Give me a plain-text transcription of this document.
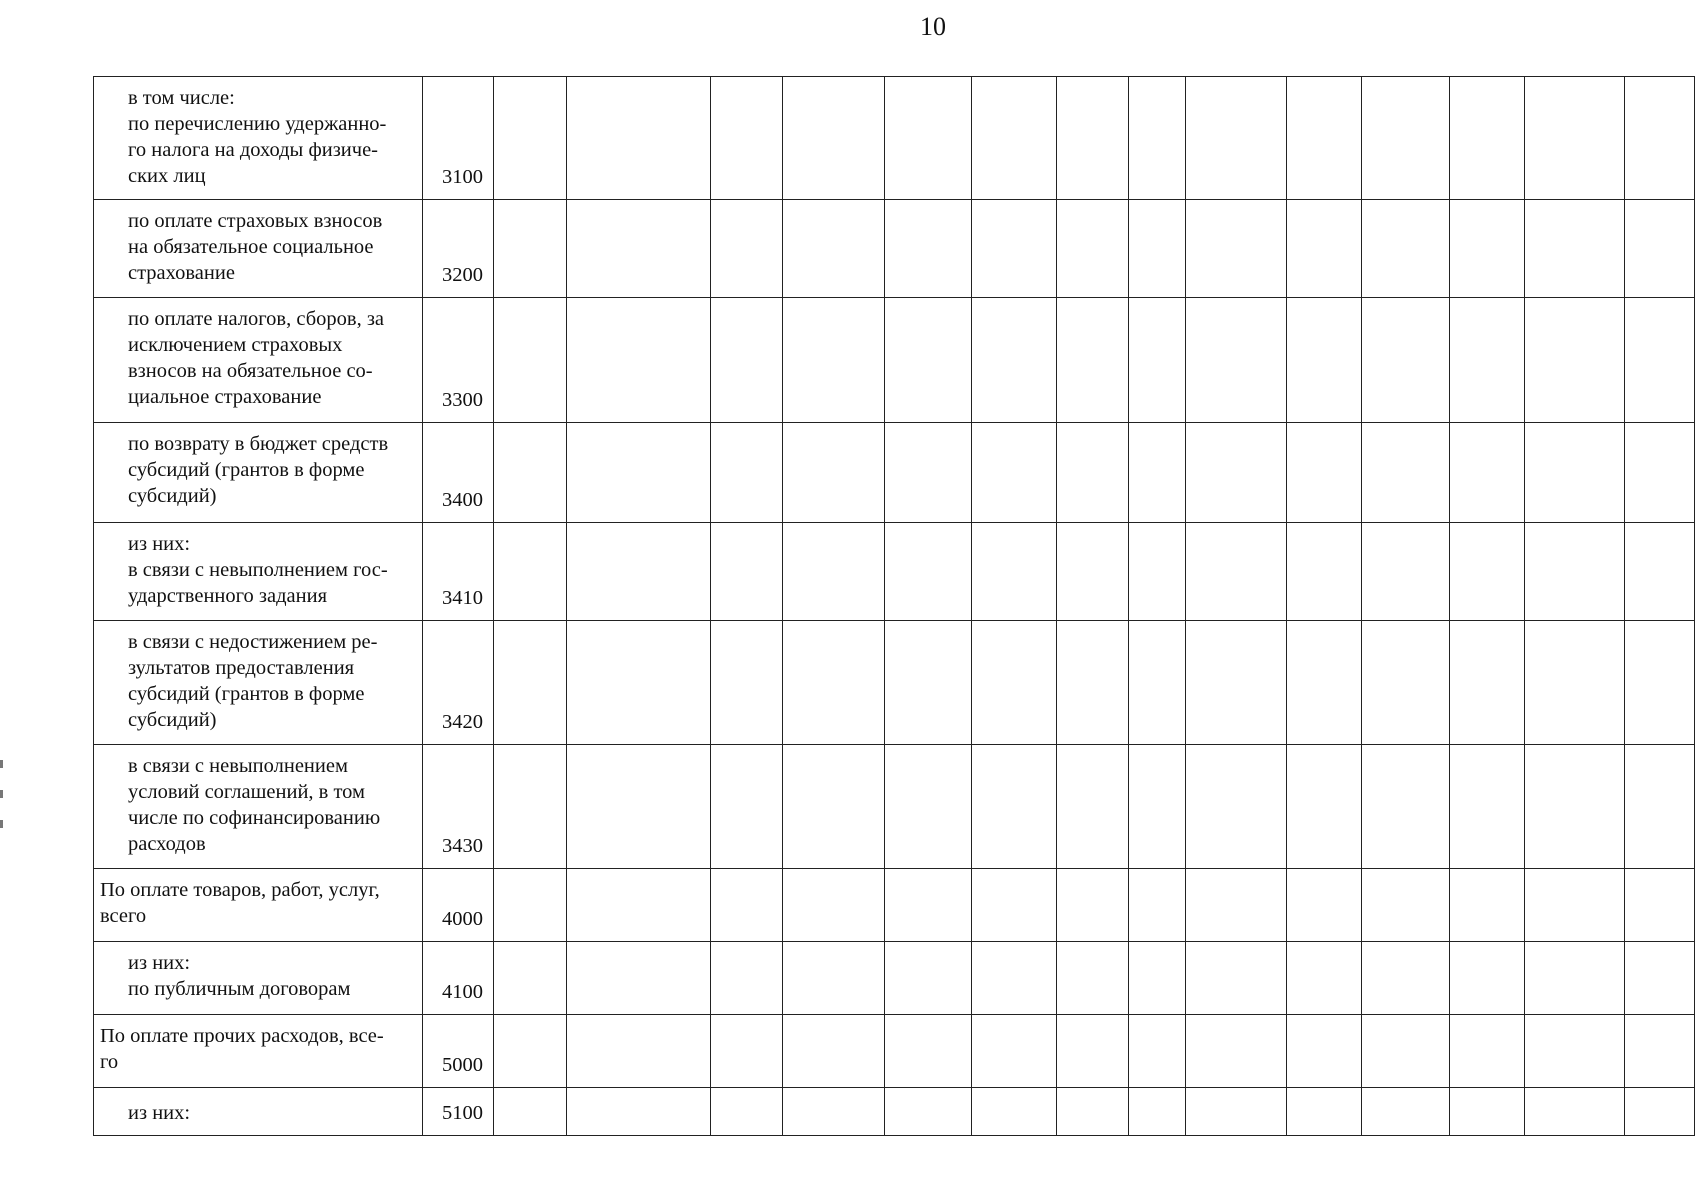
10
в том числе:
по перечислению удержанно-
го налога на доходы физиче-
ских лиц	3100														

по оплате страховых взносов
на обязательное социальное
страхование	3200														

по оплате налогов, сборов, за
исключением страховых
взносов на обязательное со-
циальное страхование	3300														

по возврату в бюджет средств
субсидий (грантов в форме
субсидий)	3400														

из них:
в связи с невыполнением гос-
ударственного задания	3410														

в связи с недостижением ре-
зультатов предоставления
субсидий (грантов в форме
субсидий)	3420														

в связи с невыполнением
условий соглашений, в том
числе по софинансированию
расходов	3430														

По оплате товаров, работ, услуг,
всего	4000														

из них:
по публичным договорам	4100														

По оплате прочих расходов, все-
го	5000														

из них:	5100														
